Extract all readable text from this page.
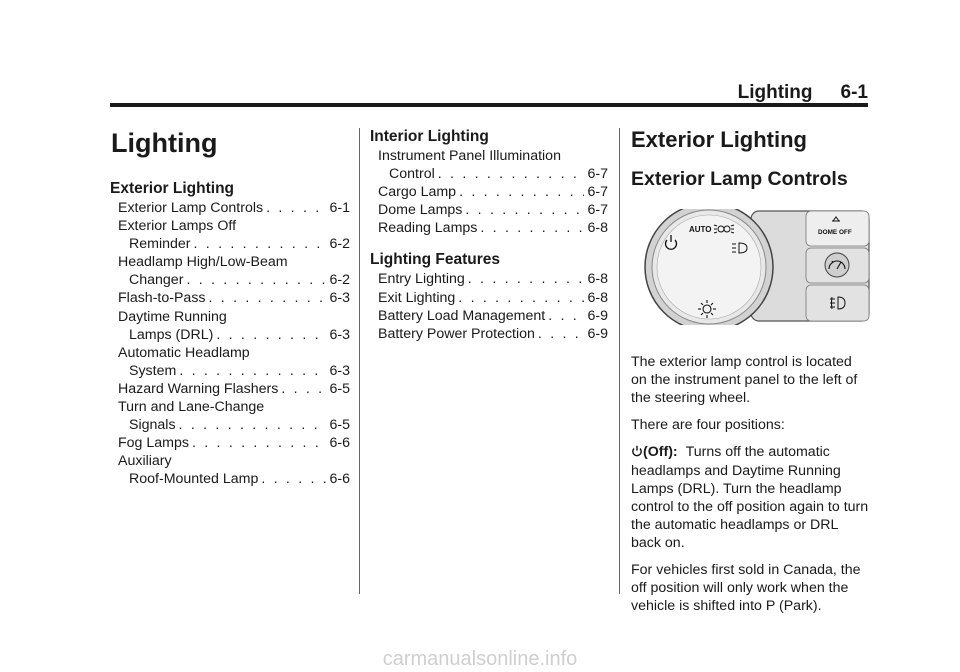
Lighting 6-1
Lighting
Exterior Lighting
Exterior Lamp Controls . . .	6-1
Exterior Lamps Off
Reminder . . .	6-2
Headlamp High/Low-Beam
Changer . . .	6-2
Flash-to-Pass . . .	6-3
Daytime Running
Lamps (DRL) . . .	6-3
Automatic Headlamp
System . . .	6-3
Hazard Warning Flashers . . .	6-5
Turn and Lane-Change
Signals . . .	6-5
Fog Lamps . . .	6-6
Auxiliary
Roof-Mounted Lamp . . .	6-6
Interior Lighting
Instrument Panel Illumination
Control . . .	6-7
Cargo Lamp . . .	6-7
Dome Lamps . . .	6-7
Reading Lamps . . .	6-8
Lighting Features
Entry Lighting . . .	6-8
Exit Lighting . . .	6-8
Battery Load Management . . .	6-9
Battery Power Protection . . .	6-9
Exterior Lighting
Exterior Lamp Controls
AUTO	DOME OFF
The exterior lamp control is located on the instrument panel to the left of the steering wheel.
There are four positions:
(Off): Turns off the automatic headlamps and Daytime Running Lamps (DRL). Turn the headlamp control to the off position again to turn the automatic headlamps or DRL back on.
For vehicles first sold in Canada, the off position will only work when the vehicle is shifted into P (Park).
carmanualsonline.info
